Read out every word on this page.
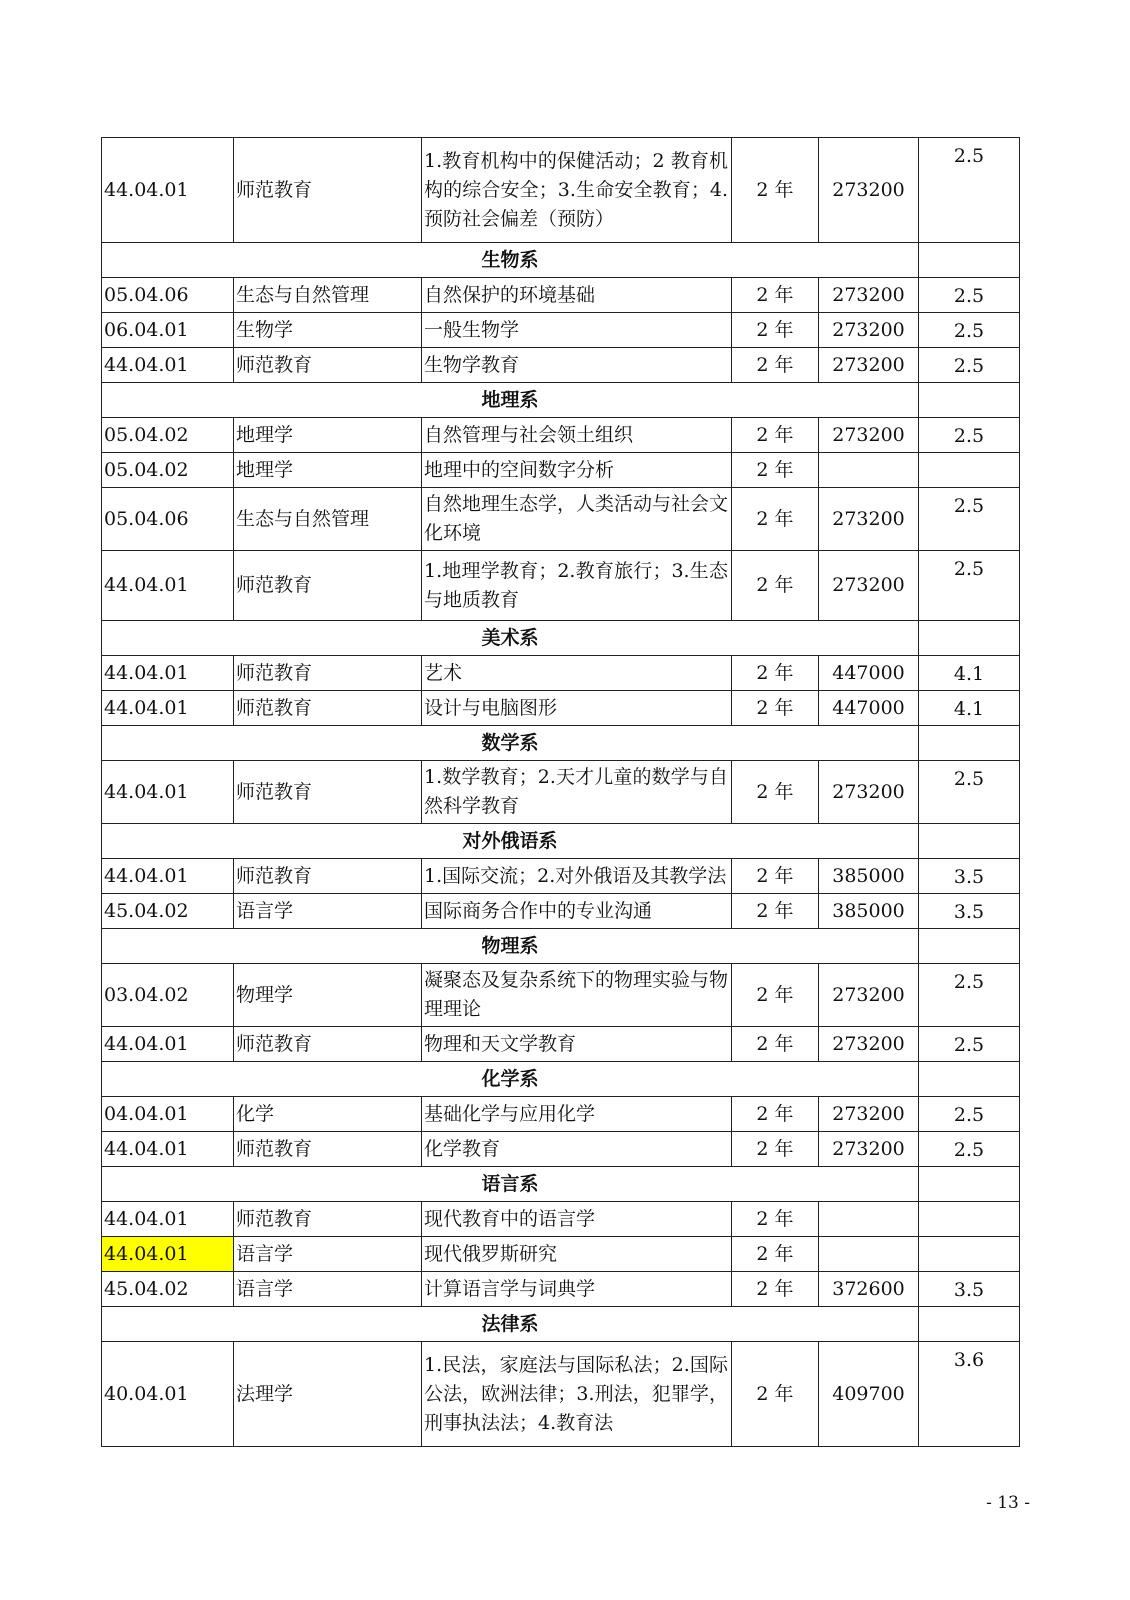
44.04.01	师范教育	1.教育机构中的保健活动；2 教育机构的综合安全；3.生命安全教育；4.预防社会偏差（预防）	2 年	273200	2.5
生物系					
05.04.06	生态与自然管理	自然保护的环境基础	2 年	273200	2.5
06.04.01	生物学	一般生物学	2 年	273200	2.5
44.04.01	师范教育	生物学教育	2 年	273200	2.5
地理系					
05.04.02	地理学	自然管理与社会领土组织	2 年	273200	2.5
05.04.02	地理学	地理中的空间数字分析	2 年		
05.04.06	生态与自然管理	自然地理生态学，人类活动与社会文化环境	2 年	273200	2.5
44.04.01	师范教育	1.地理学教育；2.教育旅行；3.生态与地质教育	2 年	273200	2.5
美术系					
44.04.01	师范教育	艺术	2 年	447000	4.1
44.04.01	师范教育	设计与电脑图形	2 年	447000	4.1
数学系					
44.04.01	师范教育	1.数学教育；2.天才儿童的数学与自然科学教育	2 年	273200	2.5
对外俄语系					
44.04.01	师范教育	1.国际交流；2.对外俄语及其教学法	2 年	385000	3.5
45.04.02	语言学	国际商务合作中的专业沟通	2 年	385000	3.5
物理系					
03.04.02	物理学	凝聚态及复杂系统下的物理实验与物理理论	2 年	273200	2.5
44.04.01	师范教育	物理和天文学教育	2 年	273200	2.5
化学系					
04.04.01	化学	基础化学与应用化学	2 年	273200	2.5
44.04.01	师范教育	化学教育	2 年	273200	2.5
语言系					
44.04.01	师范教育	现代教育中的语言学	2 年		
44.04.01	语言学	现代俄罗斯研究	2 年		
45.04.02	语言学	计算语言学与词典学	2 年	372600	3.5
法律系					
40.04.01	法理学	1.民法，家庭法与国际私法；2.国际公法，欧洲法律；3.刑法，犯罪学，刑事执法法；4.教育法	2 年	409700	3.6
- 13 -
